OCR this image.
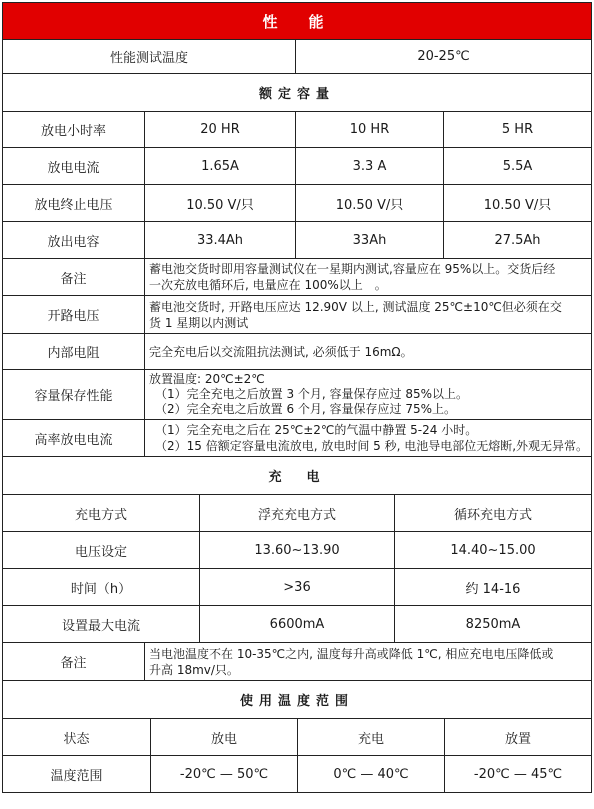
性　能			
性能测试温度		20-25℃	
额定容量			
放电小时率	20 HR	10 HR	5 HR
放电电流	1.65A	3.3 A	5.5A
放电终止电压	10.50 V/只	10.50 V/只	10.50 V/只
放出电容	33.4Ah	33Ah	27.5Ah
备注	蓄电池交货时即用容量测试仪在一星期内测试,容量应在 95%以上。交货后经
一次充放电循环后, 电量应在 100%以上　。		

开路电压	蓄电池交货时, 开路电压应达 12.90V 以上, 测试温度 25℃±10℃但必须在交
货 1 星期以内测试		

内部电阻	完全充电后以交流阻抗法测试, 必须低于 16mΩ。		

容量保存性能	放置温度: 20℃±2℃
（1）完全充电之后放置 3 个月, 容量保存应过 85%以上。
（2）完全充电之后放置 6 个月, 容量保存应过 75%上。		

高率放电电流	（1）完全充电之后在 25℃±2℃的气温中静置 5-24 小时。
（2）15 倍额定容量电流放电, 放电时间 5 秒, 电池导电部位无熔断,外观无异常。		

充　电			
充电方式	浮充充电方式	循环充电方式
电压设定	13.60~13.90	14.40~15.00
时间（h）	>36	约 14-16
设置最大电流	6600mA	8250mA
备注	
当电池温度不在 10-35℃之内, 温度每升高或降低 1℃, 相应充电电压降低或
升高 18mv/只。

使用温度范围
状态	放电	充电	放置
温度范围	-20℃ — 50℃	0℃ — 40℃	-20℃ — 45℃
